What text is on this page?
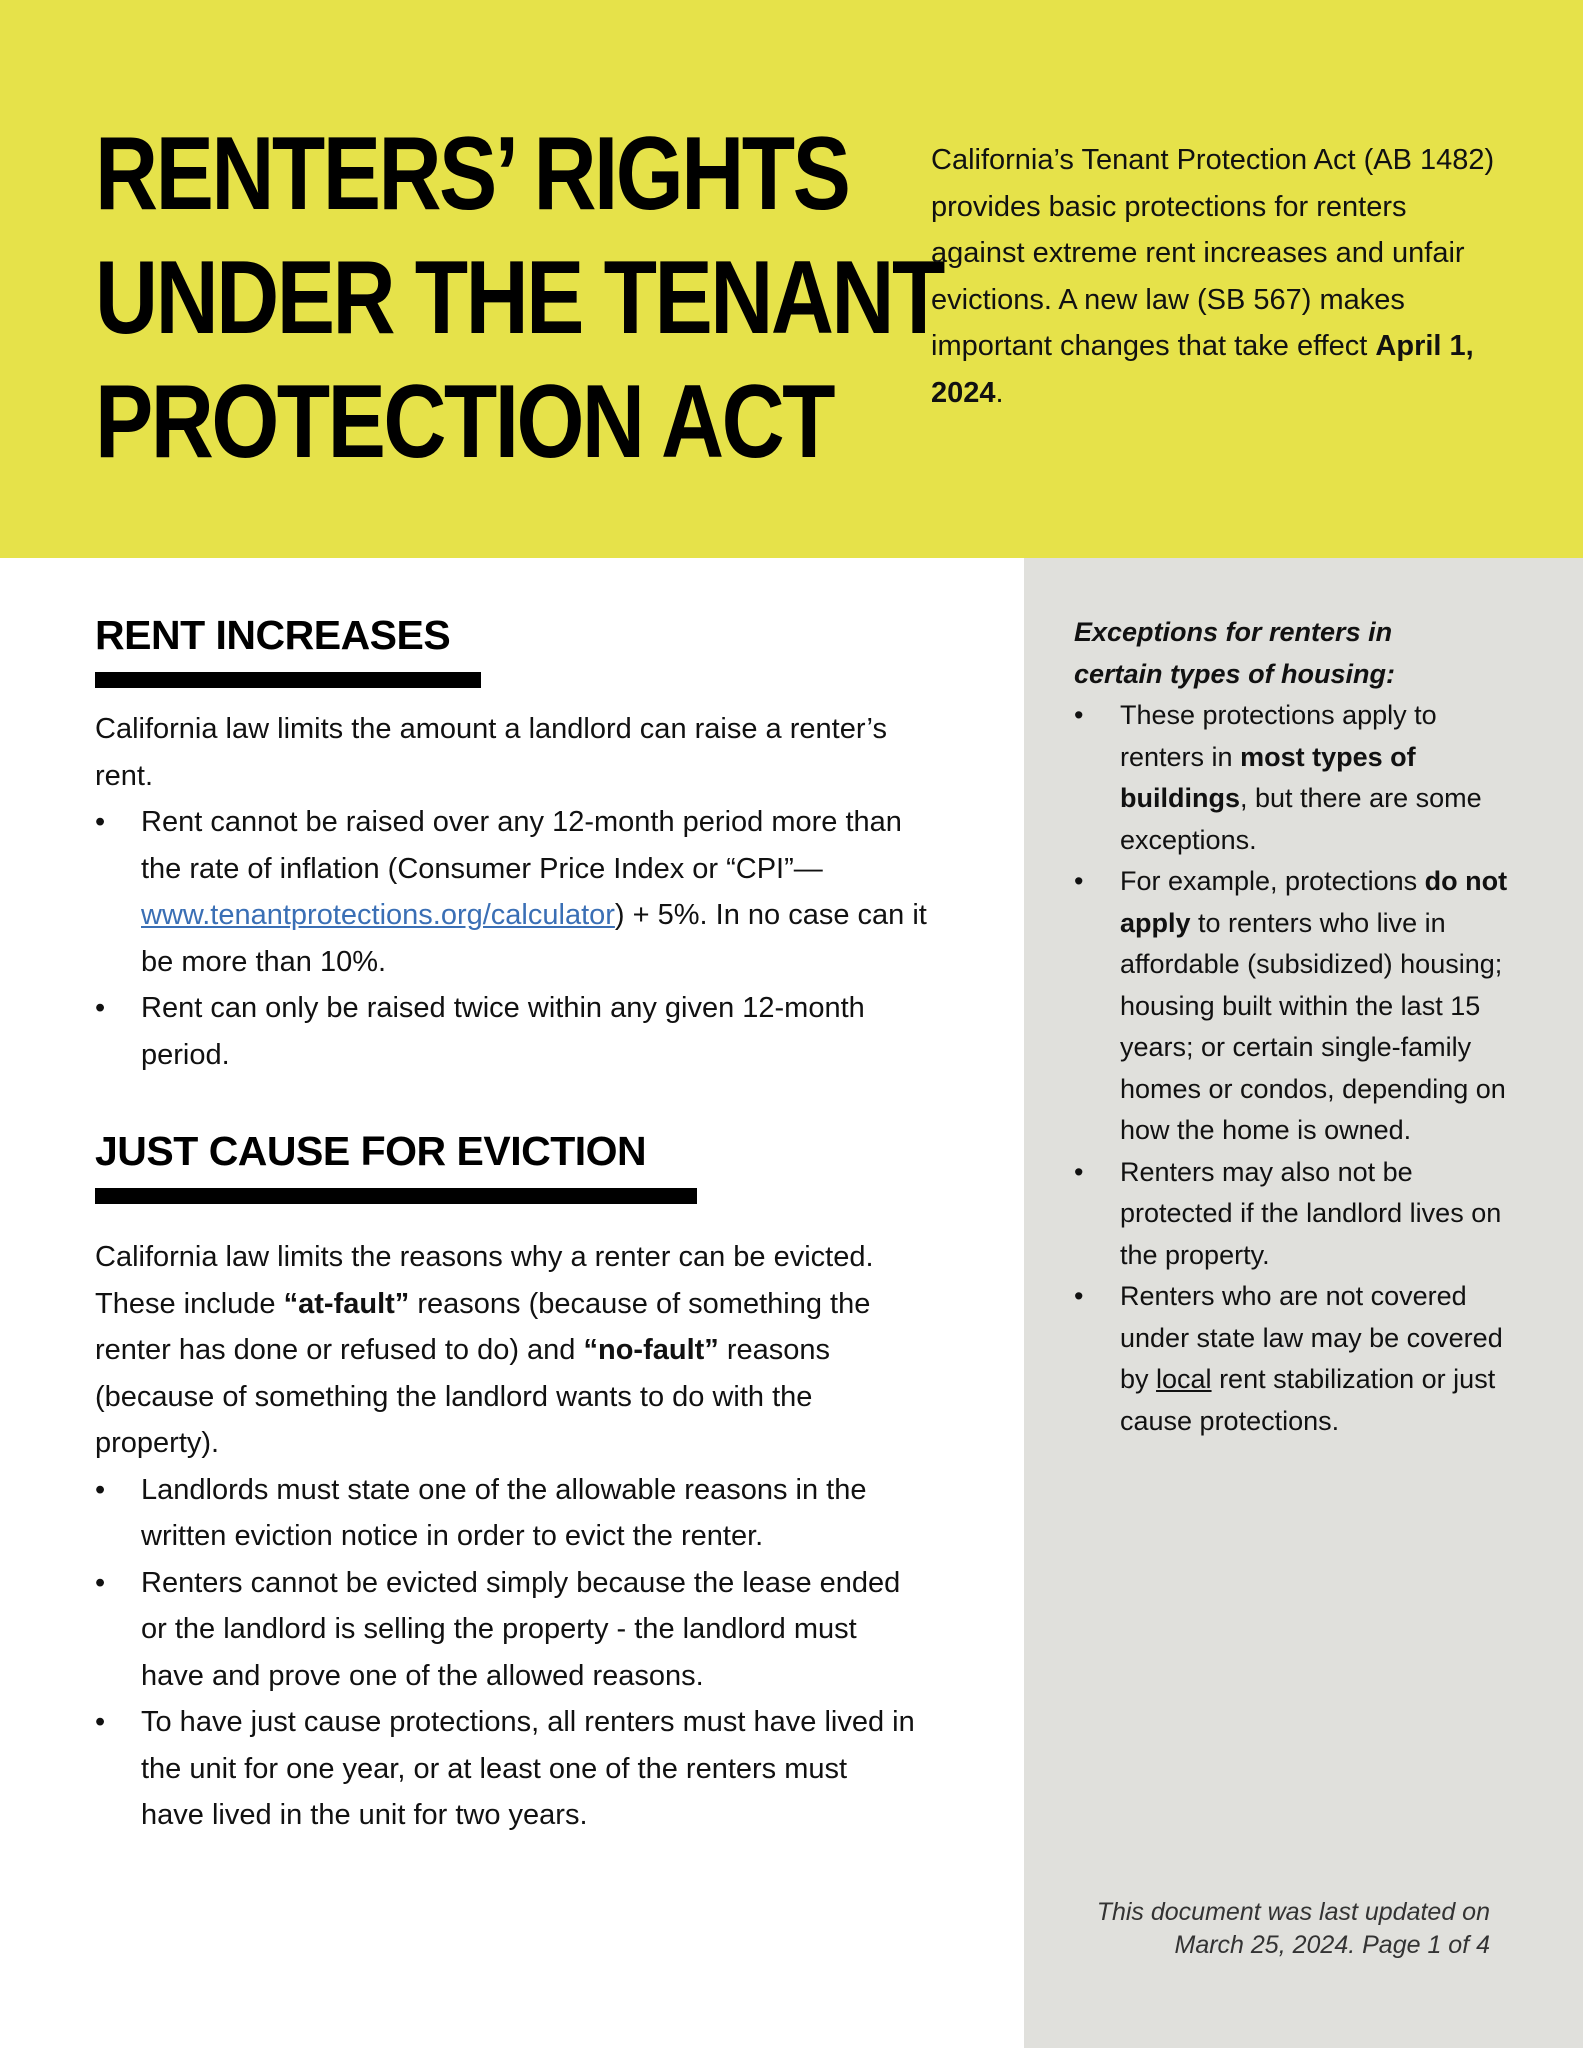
RENTERS’ RIGHTS
UNDER THE TENANT
PROTECTION ACT

California’s Tenant Protection Act (AB 1482) provides basic protections for renters against extreme rent increases and unfair evictions. A new law (SB 567) makes important changes that take effect April 1, 2024.

RENT INCREASES

California law limits the amount a landlord can raise a renter’s rent.

• Rent cannot be raised over any 12-month period more than the rate of inflation (Consumer Price Index or “CPI”—www.tenantprotections.org/calculator) + 5%. In no case can it be more than 10%.
• Rent can only be raised twice within any given 12-month period.
JUST CAUSE FOR EVICTION

California law limits the reasons why a renter can be evicted. These include “at-fault” reasons (because of something the renter has done or refused to do) and “no-fault” reasons (because of something the landlord wants to do with the property).

• Landlords must state one of the allowable reasons in the written eviction notice in order to evict the renter.
• Renters cannot be evicted simply because the lease ended or the landlord is selling the property - the landlord must have and prove one of the allowed reasons.
• To have just cause protections, all renters must have lived in the unit for one year, or at least one of the renters must have lived in the unit for two years.

Exceptions for renters in
certain types of housing:

• These protections apply to renters in most types of buildings, but there are some exceptions.
• For example, protections do not apply to renters who live in affordable (subsidized) housing; housing built within the last 15 years; or certain single-family homes or condos, depending on how the home is owned.
• Renters may also not be protected if the landlord lives on the property.
• Renters who are not covered under state law may be covered by local rent stabilization or just cause protections.
This document was last updated on
March 25, 2024. Page 1 of 4
